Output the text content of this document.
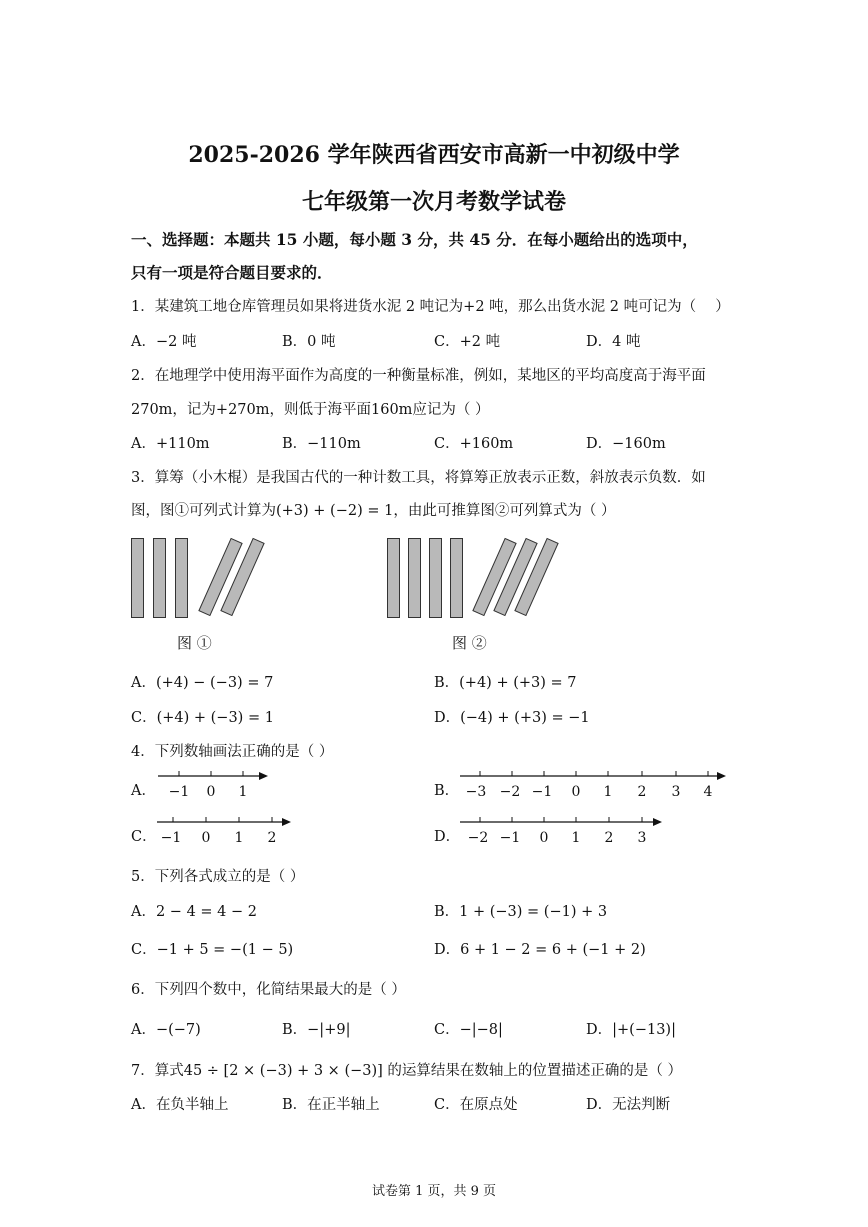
2025-2026 学年陕西省西安市高新一中初级中学
七年级第一次月考数学试卷
一、选择题：本题共 15 小题，每小题 3 分，共 45 分．在每小题给出的选项中，
只有一项是符合题目要求的．
1．某建筑工地仓库管理员如果将进货水泥 2 吨记为+2 吨，那么出货水泥 2 吨可记为（　 ）
A．−2 吨	B．0 吨	C．+2 吨	D．4 吨
2．在地理学中使用海平面作为高度的一种衡量标准，例如，某地区的平均高度高于海平面
270m，记为+270m，则低于海平面160m应记为（ ）
A．+110m	B．−110m	C．+160m	D．−160m
3．算筹（小木棍）是我国古代的一种计数工具，将算筹正放表示正数，斜放表示负数．如
图，图①可列式计算为(+3) + (−2) = 1，由此可推算图②可列算式为（ ）
图 ①	图 ②
A．(+4) − (−3) = 7	B．(+4) + (+3) = 7
C．(+4) + (−3) = 1	D．(−4) + (+3) = −1
4．下列数轴画法正确的是（ ）
A． −1 0 1	B． −3 −2 −1 0 1 2 3 4
C． −1 0 1 2	D． −2 −1 0 1 2 3
5．下列各式成立的是（ ）
A．2 − 4 = 4 − 2	B．1 + (−3) = (−1) + 3
C．−1 + 5 = −(1 − 5)	D．6 + 1 − 2 = 6 + (−1 + 2)
6．下列四个数中，化简结果最大的是（ ）
A．−(−7)	B．−|+9|	C．−|−8|	D．|+(−13)|
7．算式45 ÷ [2 × (−3) + 3 × (−3)] 的运算结果在数轴上的位置描述正确的是（ ）
A．在负半轴上	B．在正半轴上	C．在原点处	D．无法判断
试卷第 1 页，共 9 页
